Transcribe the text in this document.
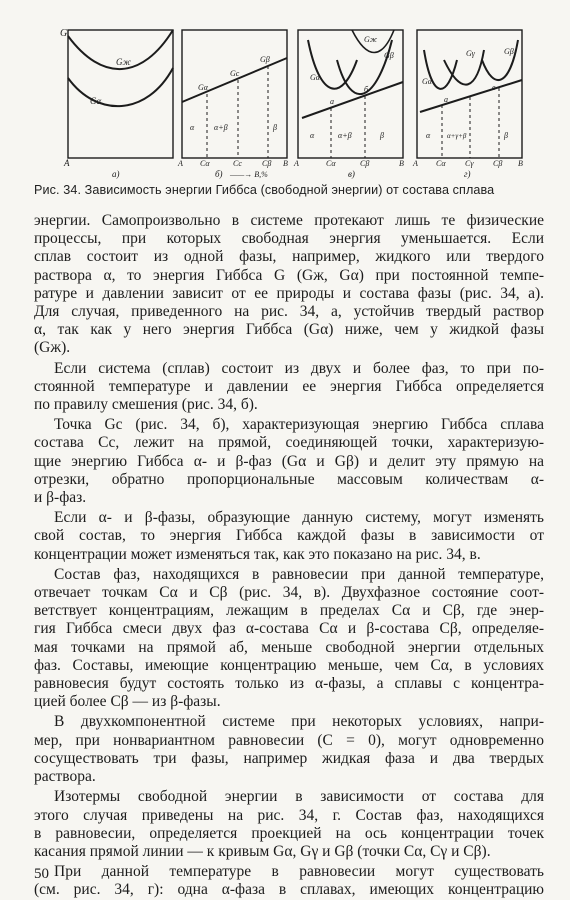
G
Gж
Gα
A
а)
Gα
Gc
Gβ
α α+β	β
A Cα	Cc	Cβ B
б) ——→ B,%
Gα
Gβ
Gж
а
б
α	α+β	β
A	Cα	Cβ	B
в)
Gα
Gγ	Gβ
а
в
α α+γ+β	β
A Cα Cγ Cβ B
г)
Рис. 34. Зависимость энергии Гиббса (свободной энергии) от состава сплава
энергии. Самопроизвольно в системе протекают лишь те физические
процессы, при которых свободная энергия уменьшается. Если
сплав состоит из одной фазы, например, жидкого или твердого
раствора α, то энергия Гиббса G (Gж, Gα) при постоянной темпе-
ратуре и давлении зависит от ее природы и состава фазы (рис. 34, а).
Для случая, приведенного на рис. 34, а, устойчив твердый раствор
α, так как у него энергия Гиббса (Gα) ниже, чем у жидкой фазы
(Gж).
Если система (сплав) состоит из двух и более фаз, то при по-
стоянной температуре и давлении ее энергия Гиббса определяется
по правилу смешения (рис. 34, б).
Точка Gc (рис. 34, б), характеризующая энергию Гиббса сплава
состава Cc, лежит на прямой, соединяющей точки, характеризую-
щие энергию Гиббса α- и β-фаз (Gα и Gβ) и делит эту прямую на
отрезки, обратно пропорциональные массовым количествам α-
и β-фаз.
Если α- и β-фазы, образующие данную систему, могут изменять
свой состав, то энергия Гиббса каждой фазы в зависимости от
концентрации может изменяться так, как это показано на рис. 34, в.
Состав фаз, находящихся в равновесии при данной температуре,
отвечает точкам Cα и Cβ (рис. 34, в). Двухфазное состояние соот-
ветствует концентрациям, лежащим в пределах Cα и Cβ, где энер-
гия Гиббса смеси двух фаз α-состава Cα и β-состава Cβ, определяе-
мая точками на прямой аб, меньше свободной энергии отдельных
фаз. Составы, имеющие концентрацию меньше, чем Cα, в условиях
равновесия будут состоять только из α-фазы, а сплавы с концентра-
цией более Cβ — из β-фазы.
В двухкомпонентной системе при некоторых условиях, напри-
мер, при нонвариантном равновесии (C = 0), могут одновременно
сосуществовать три фазы, например жидкая фаза и два твердых
раствора.
Изотермы свободной энергии в зависимости от состава для
этого случая приведены на рис. 34, г. Состав фаз, находящихся
в равновесии, определяется проекцией на ось концентрации точек
касания прямой линии — к кривым Gα, Gγ и Gβ (точки Cα, Cγ и Cβ).
При данной температуре в равновесии могут существовать
(см. рис. 34, г): одна α-фаза в сплавах, имеющих концентрацию
50
